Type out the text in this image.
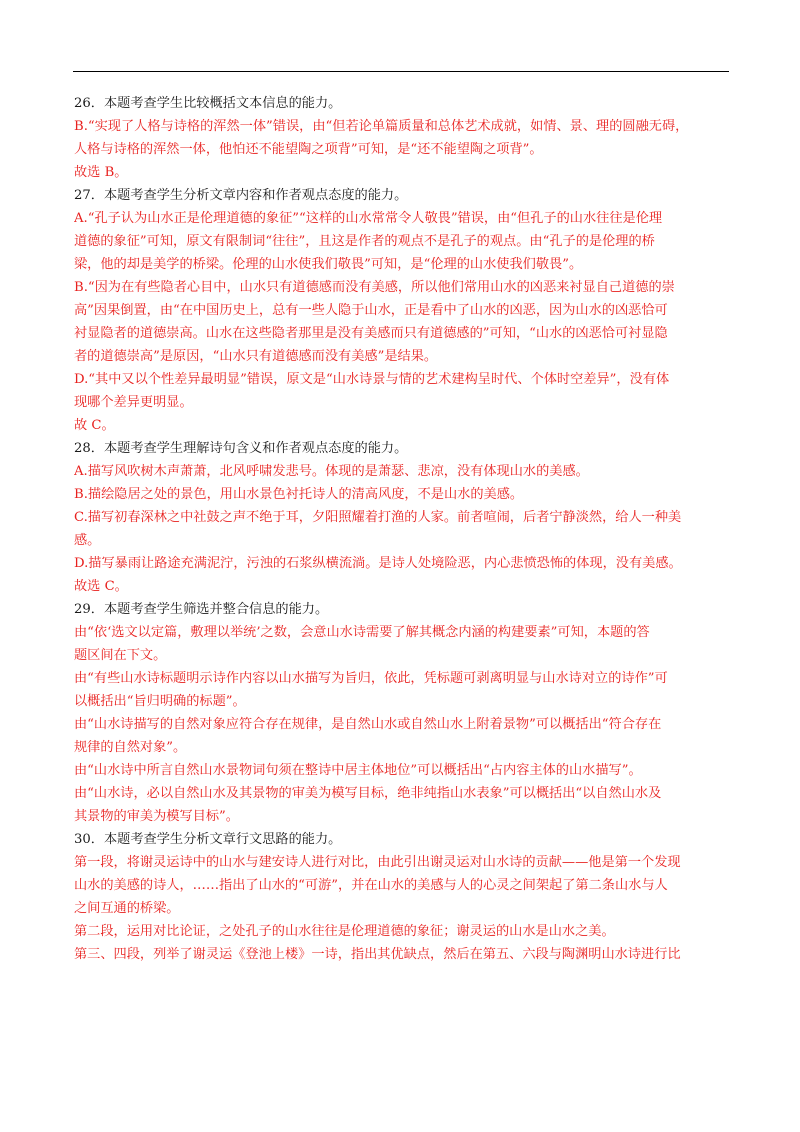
26．本题考查学生比较概括文本信息的能力。
B.“实现了人格与诗格的浑然一体”错误，由“但若论单篇质量和总体艺术成就，如情、景、理的圆融无碍，
人格与诗格的浑然一体，他怕还不能望陶之项背”可知，是“还不能望陶之项背”。
故选 B。
27．本题考查学生分析文章内容和作者观点态度的能力。
A.“孔子认为山水正是伦理道德的象征”“这样的山水常常令人敬畏”错误，由“但孔子的山水往往是伦理
道德的象征”可知，原文有限制词“往往”，且这是作者的观点不是孔子的观点。由“孔子的是伦理的桥
梁，他的却是美学的桥梁。伦理的山水使我们敬畏”可知，是“伦理的山水使我们敬畏”。
B.“因为在有些隐者心目中，山水只有道德感而没有美感，所以他们常用山水的凶恶来衬显自己道德的崇
高”因果倒置，由“在中国历史上，总有一些人隐于山水，正是看中了山水的凶恶，因为山水的凶恶恰可
衬显隐者的道德崇高。山水在这些隐者那里是没有美感而只有道德感的”可知，“山水的凶恶恰可衬显隐
者的道德崇高”是原因，“山水只有道德感而没有美感”是结果。
D.“其中又以个性差异最明显”错误，原文是“山水诗景与情的艺术建构呈时代、个体时空差异”，没有体
现哪个差异更明显。
故 C。
28．本题考查学生理解诗句含义和作者观点态度的能力。
A.描写风吹树木声萧萧，北风呼啸发悲号。体现的是萧瑟、悲凉，没有体现山水的美感。
B.描绘隐居之处的景色，用山水景色衬托诗人的清高风度，不是山水的美感。
C.描写初春深林之中社鼓之声不绝于耳，夕阳照耀着打渔的人家。前者喧闹，后者宁静淡然，给人一种美
感。
D.描写暴雨让路途充满泥泞，污浊的石浆纵横流淌。是诗人处境险恶，内心悲愤恐怖的体现，没有美感。
故选 C。
29．本题考查学生筛选并整合信息的能力。
由“依‘选文以定篇，敷理以举统’之数，会意山水诗需要了解其概念内涵的构建要素”可知，本题的答
题区间在下文。
由“有些山水诗标题明示诗作内容以山水描写为旨归，依此，凭标题可剥离明显与山水诗对立的诗作”可
以概括出“旨归明确的标题”。
由“山水诗描写的自然对象应符合存在规律，是自然山水或自然山水上附着景物”可以概括出“符合存在
规律的自然对象”。
由“山水诗中所言自然山水景物词句须在整诗中居主体地位”可以概括出“占内容主体的山水描写”。
由“山水诗，必以自然山水及其景物的审美为模写目标，绝非纯指山水表象”可以概括出“以自然山水及
其景物的审美为模写目标”。
30．本题考查学生分析文章行文思路的能力。
第一段，将谢灵运诗中的山水与建安诗人进行对比，由此引出谢灵运对山水诗的贡献——他是第一个发现
山水的美感的诗人，……指出了山水的“可游”，并在山水的美感与人的心灵之间架起了第二条山水与人
之间互通的桥梁。
第二段，运用对比论证，之处孔子的山水往往是伦理道德的象征；谢灵运的山水是山水之美。
第三、四段，列举了谢灵运《登池上楼》一诗，指出其优缺点，然后在第五、六段与陶渊明山水诗进行比
